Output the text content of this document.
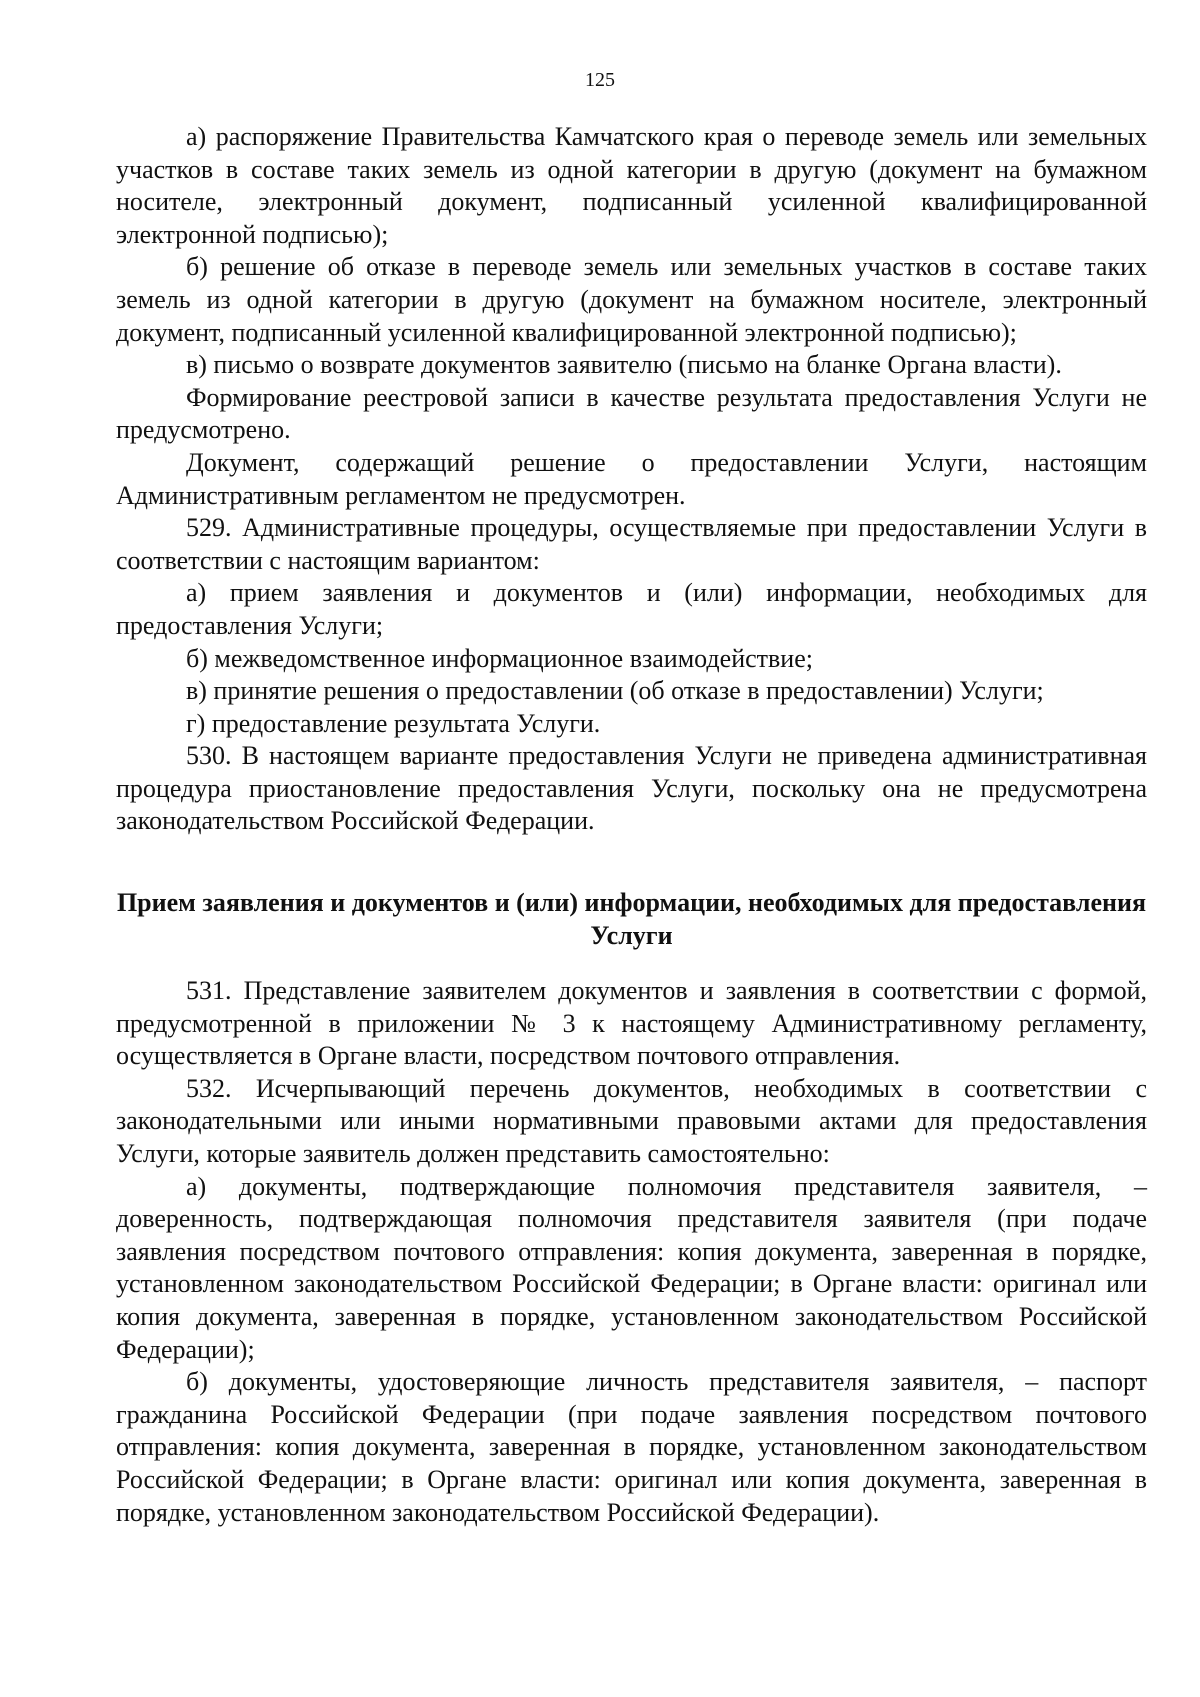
125

а) распоряжение Правительства Камчатского края о переводе земель или земельных участков в составе таких земель из одной категории в другую (документ на бумажном носителе, электронный документ, подписанный усиленной квалифицированной электронной подписью);

б) решение об отказе в переводе земель или земельных участков в составе таких земель из одной категории в другую (документ на бумажном носителе, электронный документ, подписанный усиленной квалифицированной электронной подписью);

в) письмо о возврате документов заявителю (письмо на бланке Органа власти).

Формирование реестровой записи в качестве результата предоставления Услуги не предусмотрено.

Документ, содержащий решение о предоставлении Услуги, настоящим Административным регламентом не предусмотрен.

529. Административные процедуры, осуществляемые при предоставлении Услуги в соответствии с настоящим вариантом:

а) прием заявления и документов и (или) информации, необходимых для предоставления Услуги;

б) межведомственное информационное взаимодействие;

в) принятие решения о предоставлении (об отказе в предоставлении) Услуги;

г) предоставление результата Услуги.

530. В настоящем варианте предоставления Услуги не приведена административная процедура приостановление предоставления Услуги, поскольку она не предусмотрена законодательством Российской Федерации.

Прием заявления и документов и (или) информации, необходимых для предоставления Услуги

531. Представление заявителем документов и заявления в соответствии с формой, предусмотренной в приложении № 3 к настоящему Административному регламенту, осуществляется в Органе власти, посредством почтового отправления.

532. Исчерпывающий перечень документов, необходимых в соответствии с законодательными или иными нормативными правовыми актами для предоставления Услуги, которые заявитель должен представить самостоятельно:

а) документы, подтверждающие полномочия представителя заявителя, – доверенность, подтверждающая полномочия представителя заявителя (при подаче заявления посредством почтового отправления: копия документа, заверенная в порядке, установленном законодательством Российской Федерации; в Органе власти: оригинал или копия документа, заверенная в порядке, установленном законодательством Российской Федерации);

б) документы, удостоверяющие личность представителя заявителя, – паспорт гражданина Российской Федерации (при подаче заявления посредством почтового отправления: копия документа, заверенная в порядке, установленном законодательством Российской Федерации; в Органе власти: оригинал или копия документа, заверенная в порядке, установленном законодательством Российской Федерации).
